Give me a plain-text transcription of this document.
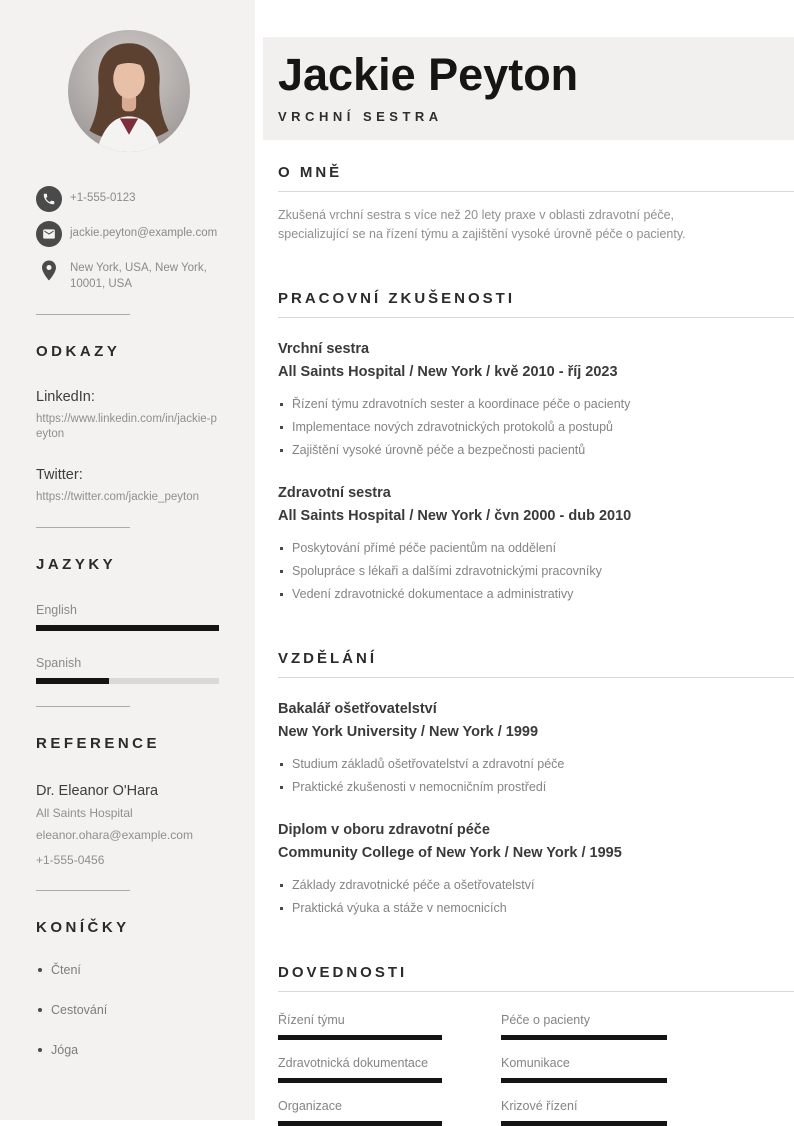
+1-555-0123
jackie.peyton@example.com
New York, USA, New York, 10001, USA
ODKAZY
LinkedIn:
https://www.linkedin.com/in/jackie-peyton
Twitter:
https://twitter.com/jackie_peyton
JAZYKY
English
Spanish
REFERENCE
Dr. Eleanor O'Hara
All Saints Hospital
eleanor.ohara@example.com
+1-555-0456
KONÍČKY
Čtení
Cestování
Jóga
Jackie Peyton
VRCHNÍ SESTRA
O MNĚ

Zkušená vrchní sestra s více než 20 lety praxe v oblasti zdravotní péče, specializující se na řízení týmu a zajištění vysoké úrovně péče o pacienty.

PRACOVNÍ ZKUŠENOSTI
Vrchní sestra
All Saints Hospital / New York / kvě 2010 - říj 2023
Řízení týmu zdravotních sester a koordinace péče o pacienty
Implementace nových zdravotnických protokolů a postupů
Zajištění vysoké úrovně péče a bezpečnosti pacientů
Zdravotní sestra
All Saints Hospital / New York / čvn 2000 - dub 2010
Poskytování přímé péče pacientům na oddělení
Spolupráce s lékaři a dalšími zdravotnickými pracovníky
Vedení zdravotnické dokumentace a administrativy
VZDĚLÁNÍ
Bakalář ošetřovatelství
New York University / New York / 1999
Studium základů ošetřovatelství a zdravotní péče
Praktické zkušenosti v nemocničním prostředí
Diplom v oboru zdravotní péče
Community College of New York / New York / 1995
Základy zdravotnické péče a ošetřovatelství
Praktická výuka a stáže v nemocnicích
DOVEDNOSTI
Řízení týmu	Péče o pacienty
Zdravotnická dokumentace	Komunikace
Organizace	Krizové řízení
